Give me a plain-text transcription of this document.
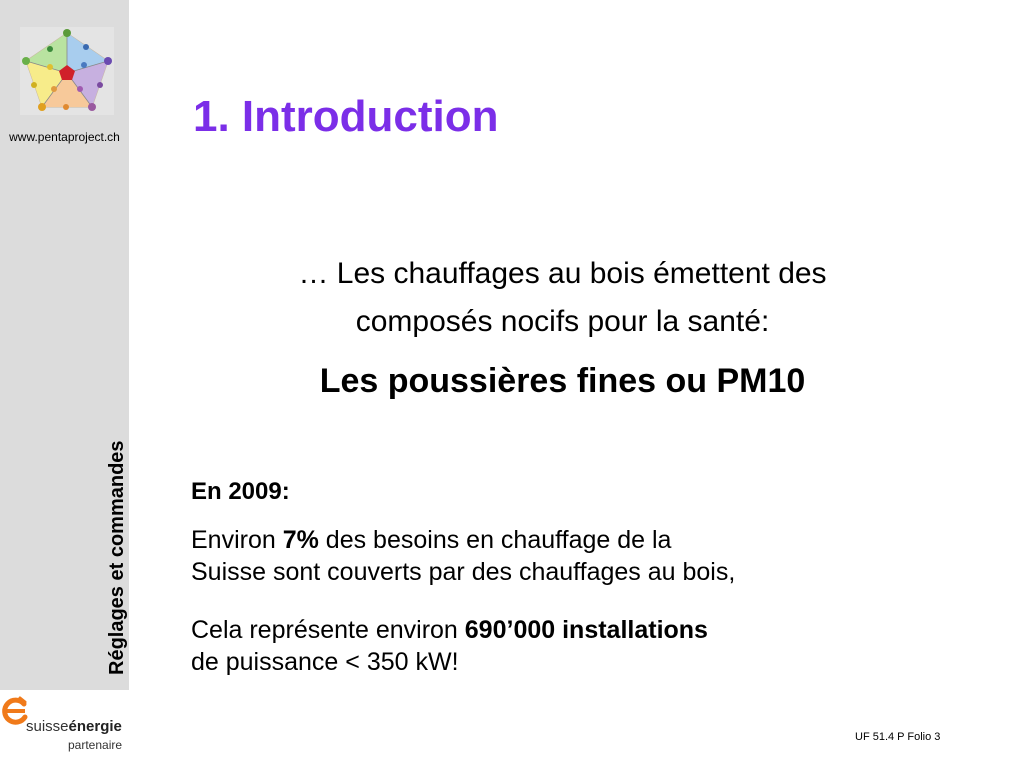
www.pentaproject.ch
Réglages et commandes
1. Introduction
… Les chauffages au bois émettent des
composés nocifs pour la santé:
Les poussières fines ou PM10
En 2009:
Environ 7% des besoins en chauffage de la
Suisse sont couverts par des chauffages au bois,
Cela représente environ 690’000 installations
de puissance < 350 kW!
suisseénergie
partenaire
UF 51.4 P Folio 3
